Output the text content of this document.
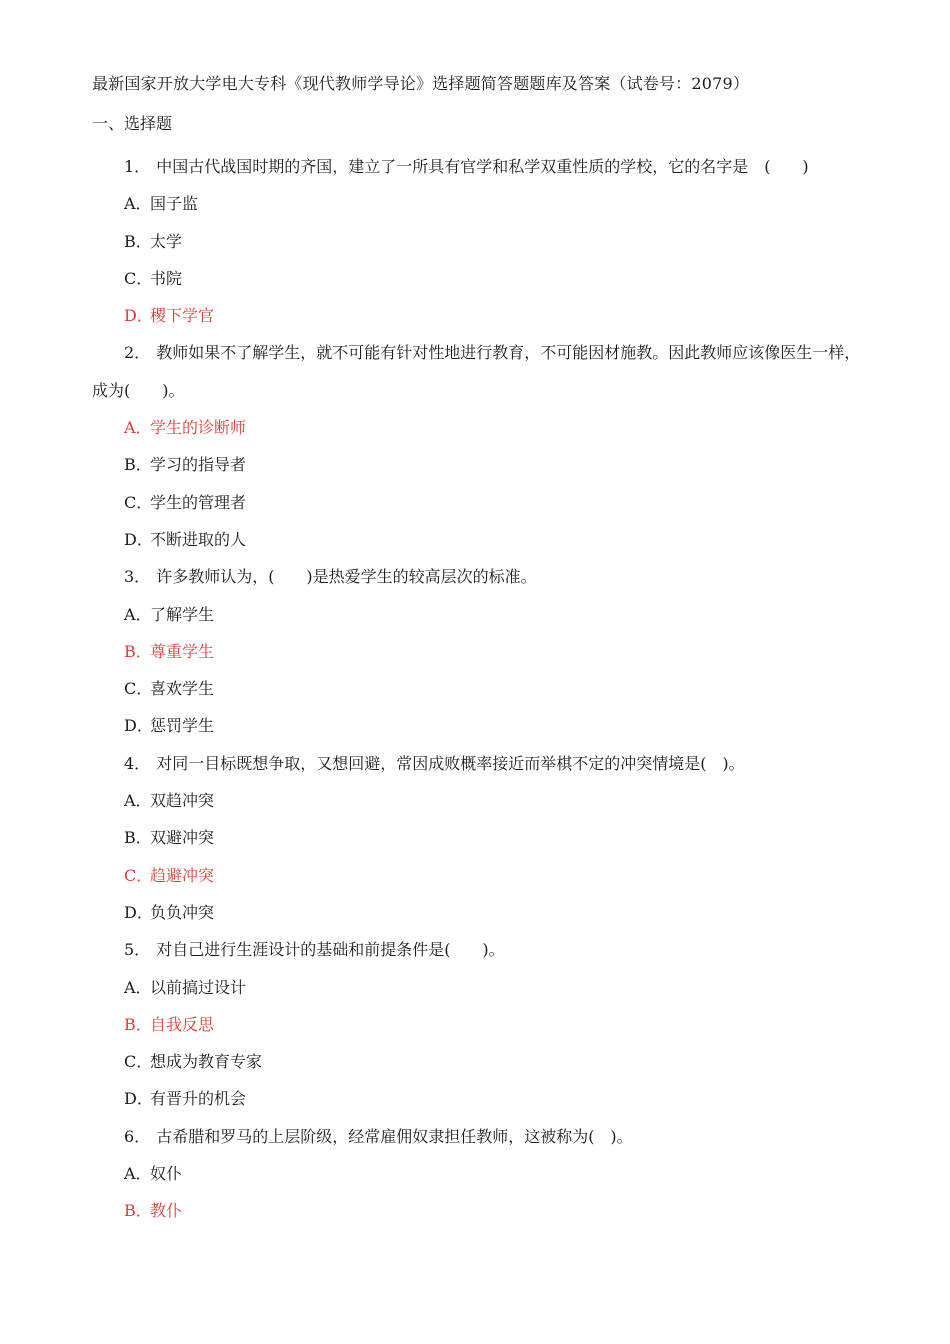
最新国家开放大学电大专科《现代教师学导论》选择题简答题题库及答案（试卷号：2079）
一、选择题

1． 中国古代战国时期的齐国，建立了一所具有官学和私学双重性质的学校，它的名字是　(　　)

A．国子监

B．太学

C．书院

D．稷下学官

2． 教师如果不了解学生，就不可能有针对性地进行教育，不可能因材施教。因此教师应该像医生一样，成为(　　)。

A．学生的诊断师

B．学习的指导者

C．学生的管理者

D．不断进取的人

3． 许多教师认为，(　　)是热爱学生的较高层次的标准。

A．了解学生

B．尊重学生

C．喜欢学生

D．惩罚学生

4． 对同一目标既想争取，又想回避，常因成败概率接近而举棋不定的冲突情境是(　)。

A．双趋冲突

B．双避冲突

C．趋避冲突

D．负负冲突

5． 对自己进行生涯设计的基础和前提条件是(　　)。

A．以前搞过设计

B．自我反思

C．想成为教育专家

D．有晋升的机会

6． 古希腊和罗马的上层阶级，经常雇佣奴隶担任教师，这被称为(　)。

A．奴仆

B．教仆
